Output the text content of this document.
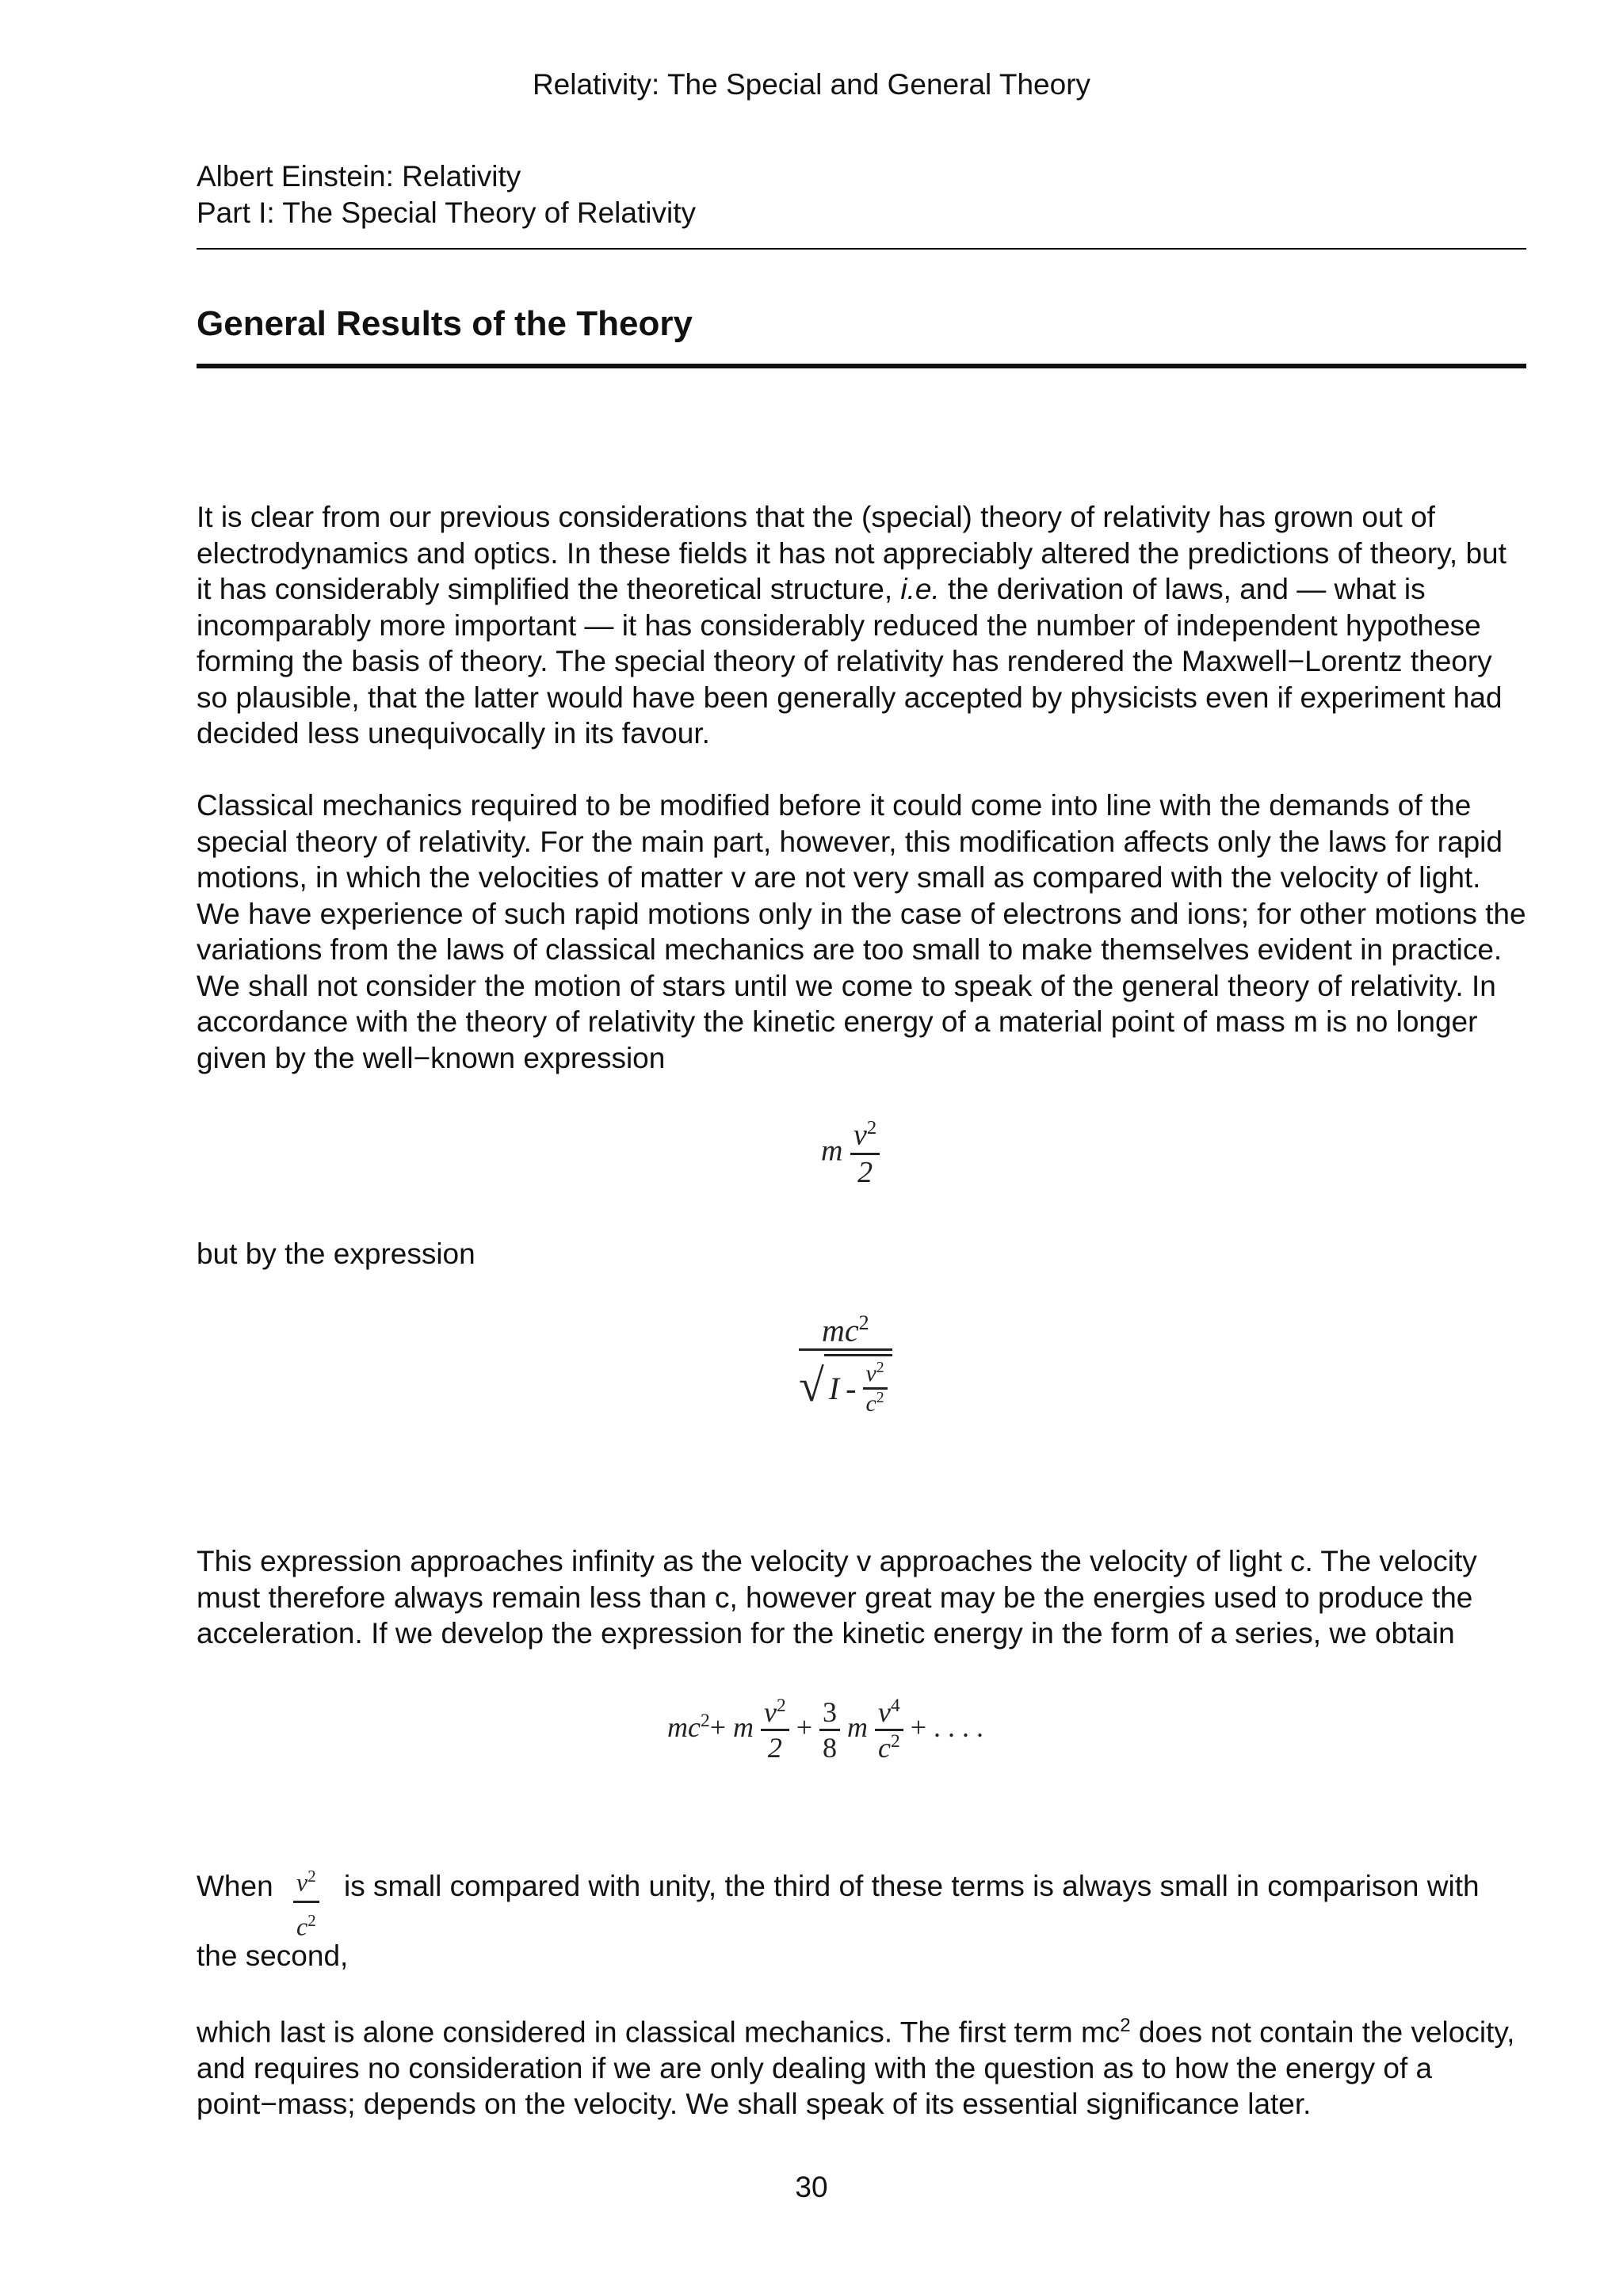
Relativity: The Special and General Theory
Albert Einstein: Relativity
Part I: The Special Theory of Relativity
General Results of the Theory

It is clear from our previous considerations that the (special) theory of relativity has grown out of electrodynamics and optics. In these fields it has not appreciably altered the predictions of theory, but it has considerably simplified the theoretical structure, i.e. the derivation of laws, and — what is incomparably more important — it has considerably reduced the number of independent hypothese forming the basis of theory. The special theory of relativity has rendered the Maxwell−Lorentz theory so plausible, that the latter would have been generally accepted by physicists even if experiment had decided less unequivocally in its favour.

Classical mechanics required to be modified before it could come into line with the demands of the special theory of relativity. For the main part, however, this modification affects only the laws for rapid motions, in which the velocities of matter v are not very small as compared with the velocity of light. We have experience of such rapid motions only in the case of electrons and ions; for other motions the variations from the laws of classical mechanics are too small to make themselves evident in practice. We shall not consider the motion of stars until we come to speak of the general theory of relativity. In accordance with the theory of relativity the kinetic energy of a material point of mass m is no longer given by the well−known expression

m $\frac{v^2}{2}$

but by the expression

$\frac{mc^2}{√ I - \frac{v^2}{c^2}}$

This expression approaches infinity as the velocity v approaches the velocity of light c. The velocity must therefore always remain less than c, however great may be the energies used to produce the acceleration. If we develop the expression for the kinetic energy in the form of a series, we obtain

$mc^2+ m \frac{v^2}{2} + \frac{3}{8}$ m $\frac{v^4}{c^2}$ + . . . .
When $\frac{v^2}{c^2}$ is small compared with unity, the third of these terms is always small in comparison with

the second,

which last is alone considered in classical mechanics. The first term $mc^2$ does not contain the velocity, and requires no consideration if we are only dealing with the question as to how the energy of a point−mass; depends on the velocity. We shall speak of its essential significance later.

30
